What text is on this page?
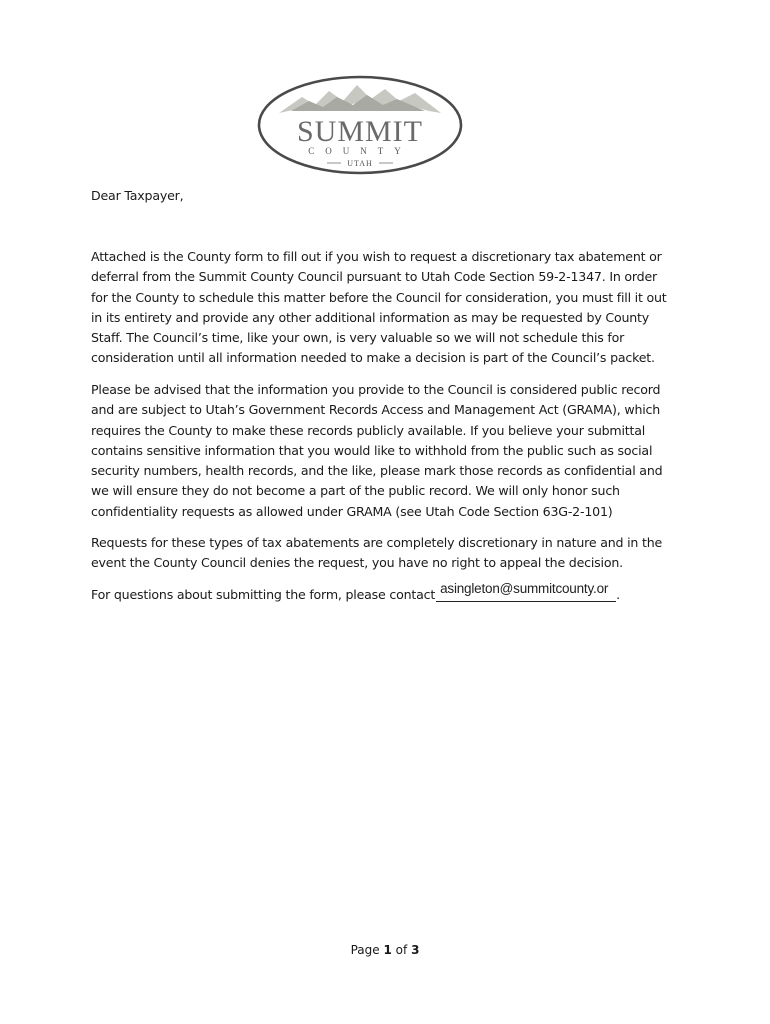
SUMMIT
COUNTY
UTAH
Dear Taxpayer,
Attached is the County form to fill out if you wish to request a discretionary tax abatement or
deferral from the Summit County Council pursuant to Utah Code Section 59-2-1347. In order
for the County to schedule this matter before the Council for consideration, you must fill it out
in its entirety and provide any other additional information as may be requested by County
Staff. The Council’s time, like your own, is very valuable so we will not schedule this for
consideration until all information needed to make a decision is part of the Council’s packet.
Please be advised that the information you provide to the Council is considered public record
and are subject to Utah’s Government Records Access and Management Act (GRAMA), which
requires the County to make these records publicly available. If you believe your submittal
contains sensitive information that you would like to withhold from the public such as social
security numbers, health records, and the like, please mark those records as confidential and
we will ensure they do not become a part of the public record. We will only honor such
confidentiality requests as allowed under GRAMA (see Utah Code Section 63G-2-101)
Requests for these types of tax abatements are completely discretionary in nature and in the
event the County Council denies the request, you have no right to appeal the decision.
For questions about submitting the form, please contact asingleton@summitcounty.or .
Page 1 of 3
